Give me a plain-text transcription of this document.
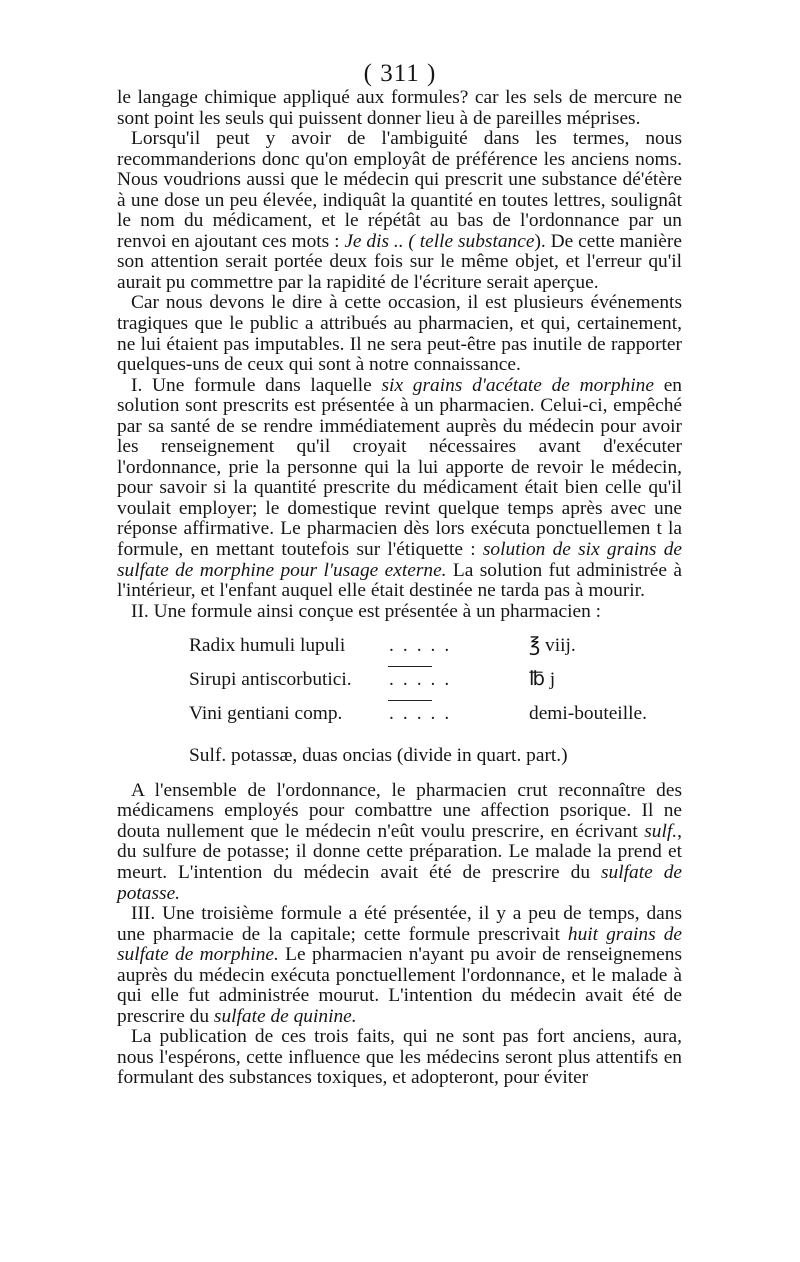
( 311 )

le langage chimique appliqué aux formules? car les sels de mercure ne sont point les seuls qui puissent donner lieu à de pareilles méprises.

Lorsqu'il peut y avoir de l'ambiguité dans les termes, nous recommanderions donc qu'on employât de préférence les anciens noms. Nous voudrions aussi que le médecin qui prescrit une substance dé'étère à une dose un peu élevée, indiquât la quantité en toutes lettres, soulignât le nom du médicament, et le répétât au bas de l'ordonnance par un renvoi en ajoutant ces mots : Je dis .. ( telle substance). De cette manière son attention serait portée deux fois sur le même objet, et l'erreur qu'il aurait pu commettre par la rapidité de l'écriture serait aperçue.

Car nous devons le dire à cette occasion, il est plusieurs événements tragiques que le public a attribués au pharmacien, et qui, certainement, ne lui étaient pas imputables. Il ne sera peut-être pas inutile de rapporter quelques-uns de ceux qui sont à notre connaissance.

I. Une formule dans laquelle six grains d'acétate de morphine en solution sont prescrits est présentée à un pharmacien. Celui-ci, empêché par sa santé de se rendre immédiatement auprès du médecin pour avoir les renseignement qu'il croyait nécessaires avant d'exécuter l'ordonnance, prie la personne qui la lui apporte de revoir le médecin, pour savoir si la quantité prescrite du médicament était bien celle qu'il voulait employer; le domestique revint quelque temps après avec une réponse affirmative. Le pharmacien dès lors exécuta ponctuellemen t la formule, en mettant toutefois sur l'étiquette : solution de six grains de sulfate de morphine pour l'usage externe. La solution fut administrée à l'intérieur, et l'enfant auquel elle était destinée ne tarda pas à mourir.

II. Une formule ainsi conçue est présentée à un pharmacien :

Radix humuli lupuli	.....	℥ viij.
Sirupi antiscorbutici.	.....	℔ j
Vini gentiani comp.	.....	demi-bouteille.
Sulf. potassæ, duas oncias (divide in quart. part.)

A l'ensemble de l'ordonnance, le pharmacien crut reconnaître des médicamens employés pour combattre une affection psorique. Il ne douta nullement que le médecin n'eût voulu prescrire, en écrivant sulf., du sulfure de potasse; il donne cette préparation. Le malade la prend et meurt. L'intention du médecin avait été de prescrire du sulfate de potasse.

III. Une troisième formule a été présentée, il y a peu de temps, dans une pharmacie de la capitale; cette formule prescrivait huit grains de sulfate de morphine. Le pharmacien n'ayant pu avoir de renseignemens auprès du médecin exécuta ponctuellement l'ordonnance, et le malade à qui elle fut administrée mourut. L'intention du médecin avait été de prescrire du sulfate de quinine.

La publication de ces trois faits, qui ne sont pas fort anciens, aura, nous l'espérons, cette influence que les médecins seront plus attentifs en formulant des substances toxiques, et adopteront, pour éviter
